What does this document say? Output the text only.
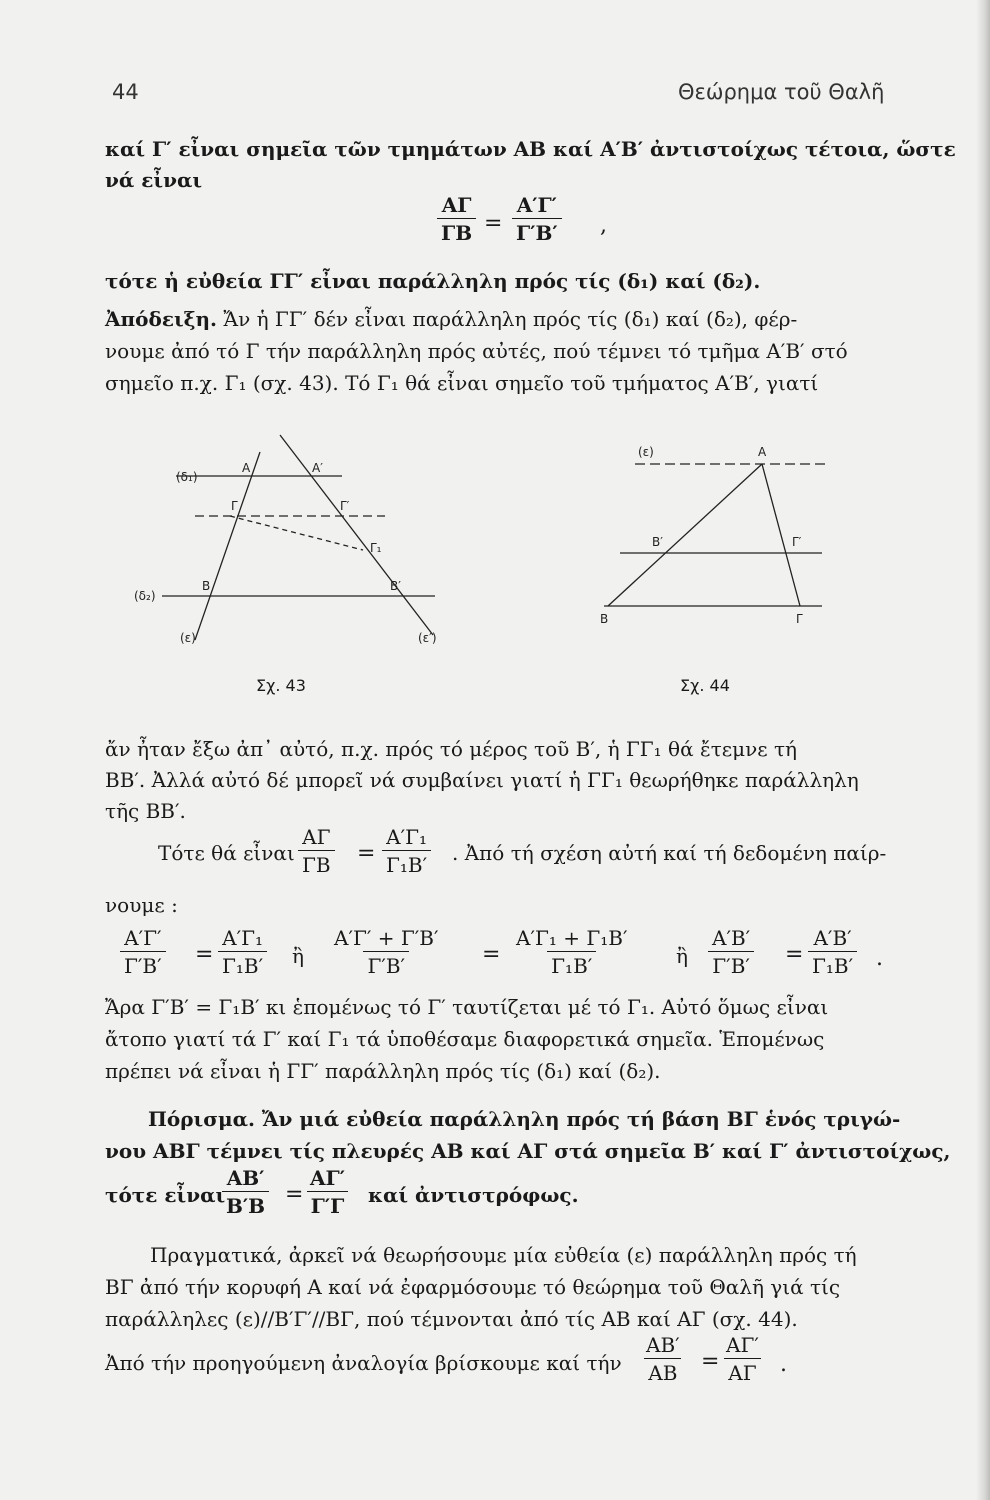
44	Θεώρημα τοῦ Θαλῆ
καί Γ′ εἶναι σημεῖα τῶν τμημάτων ΑΒ καί Α′Β′ ἀντιστοίχως τέτοια, ὥστε
νά εἶναι
$\frac{A\Gamma}{\Gamma B} = \frac{A'\Gamma'}{\Gamma'B'}$ ,
τότε ἡ εὐθεία ΓΓ′ εἶναι παράλληλη πρός τίς (δ₁) καί (δ₂).
Ἀπόδειξη. Ἄν ἡ ΓΓ′ δέν εἶναι παράλληλη πρός τίς (δ₁) καί (δ₂), φέρ-
νουμε ἀπό τό Γ τήν παράλληλη πρός αὐτές, πού τέμνει τό τμῆμα Α′Β′ στό
σημεῖο π.χ. Γ₁ (σχ. 43). Τό Γ₁ θά εἶναι σημεῖο τοῦ τμήματος Α′Β′, γιατί
(δ₁)
(δ₂)
Α	Α′
Γ	Γ′
Γ₁
Β	Β′
(ε)	(ε′)
Σχ. 43
(ε)	Α
Β′	Γ′
Β	Γ
Σχ. 44
ἄν ἦταν ἔξω ἀπ᾽ αὐτό, π.χ. πρός τό μέρος τοῦ Β′, ἡ ΓΓ₁ θά ἔτεμνε τή
ΒΒ′. Ἀλλά αὐτό δέ μπορεῖ νά συμβαίνει γιατί ἡ ΓΓ₁ θεωρήθηκε παράλληλη
τῆς ΒΒ′.
Τότε θά εἶναι $\frac{A\Gamma}{\Gamma B} = \frac{\text{Α′Γ₁}}{\text{Γ₁Β′}}$ . Ἀπό τή σχέση αὐτή καί τή δεδομένη παίρ-
νουμε :
$\frac{A'\Gamma'}{\Gamma'B'} = \frac{\text{Α′Γ₁}}{\text{Γ₁Β′}}$ ἢ $\frac{A'\Gamma' + \Gamma'B'}{\Gamma'B'} = \frac{\text{Α′Γ₁ + Γ₁Β′}}{\text{Γ₁Β′}}$ ἢ $\frac{A'B'}{\Gamma'B'} = \frac{A'B'}{\text{Γ₁Β′}}$ .
Ἄρα Γ′Β′ = Γ₁Β′ κι ἑπομένως τό Γ′ ταυτίζεται μέ τό Γ₁. Αὐτό ὅμως εἶναι
ἄτοπο γιατί τά Γ′ καί Γ₁ τά ὑποθέσαμε διαφορετικά σημεῖα. Ἑπομένως
πρέπει νά εἶναι ἡ ΓΓ′ παράλληλη πρός τίς (δ₁) καί (δ₂).
Πόρισμα. Ἄν μιά εὐθεία παράλληλη πρός τή βάση ΒΓ ἑνός τριγώ-
νου ΑΒΓ τέμνει τίς πλευρές ΑΒ καί ΑΓ στά σημεῖα Β′ καί Γ′ ἀντιστοίχως,
τότε εἶναι
$\frac{AB'}{B'B} = \frac{A\Gamma'}{\Gamma'\Gamma}$ καί ἀντιστρόφως.
Πραγματικά, ἀρκεῖ νά θεωρήσουμε μία εὐθεία (ε) παράλληλη πρός τή
ΒΓ ἀπό τήν κορυφή Α καί νά ἐφαρμόσουμε τό θεώρημα τοῦ Θαλῆ γιά τίς
παράλληλες (ε)//Β′Γ′//ΒΓ, πού τέμνονται ἀπό τίς ΑΒ καί ΑΓ (σχ. 44).
Ἀπό τήν προηγούμενη ἀναλογία βρίσκουμε καί τήν $\frac{AB'}{AB} = \frac{A\Gamma'}{A\Gamma}$ .
